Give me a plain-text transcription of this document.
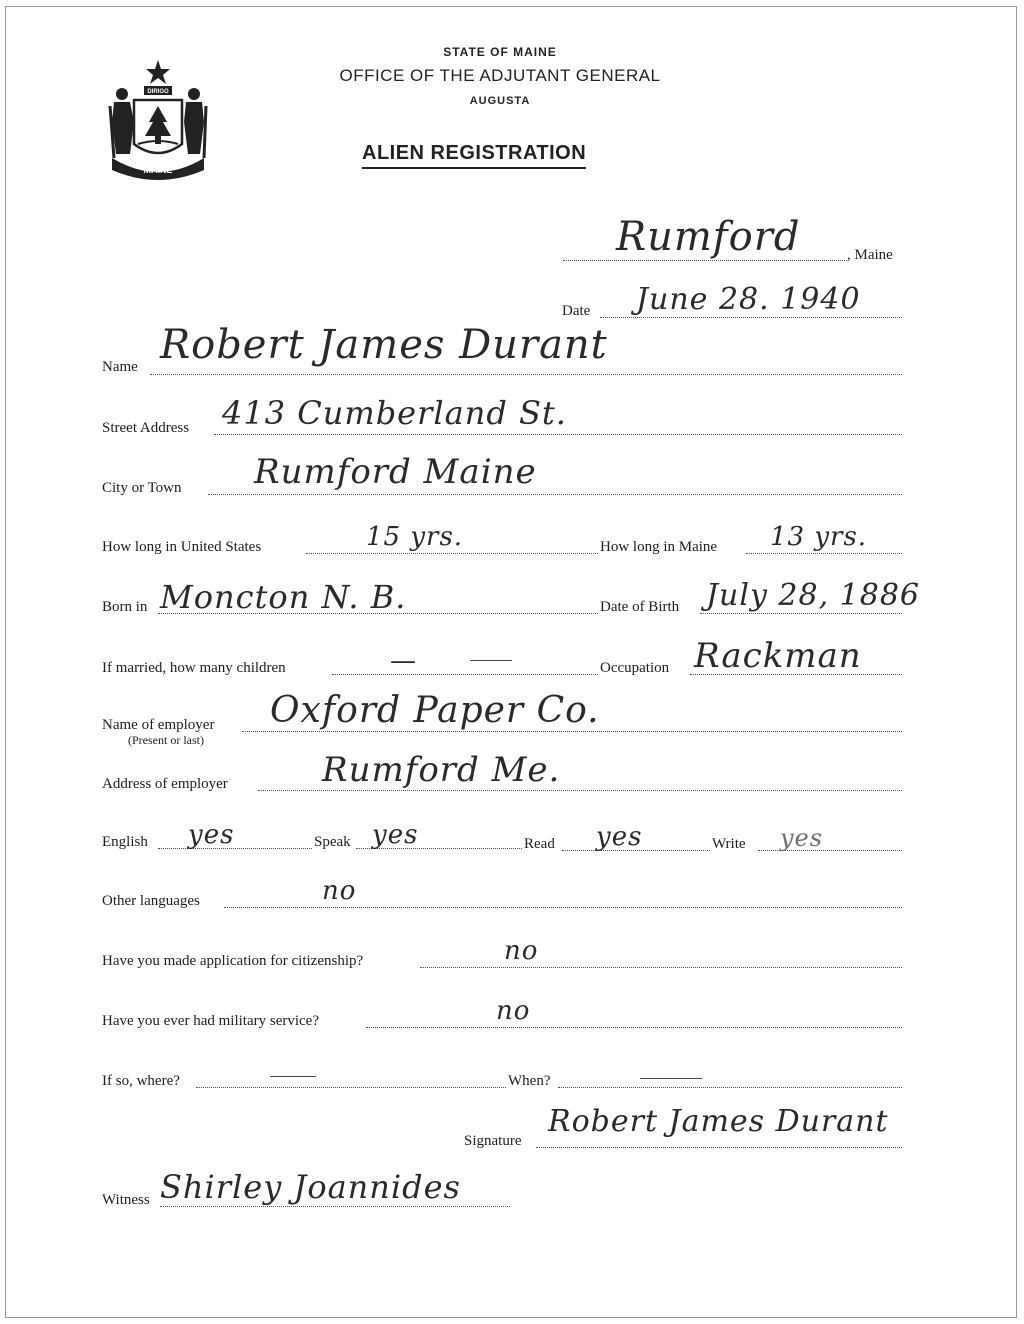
DIRIGO
MAINE
STATE OF MAINE
OFFICE OF THE ADJUTANT GENERAL
AUGUSTA
ALIEN REGISTRATION
Rumford	, Maine
Date June 28. 1940
Name Robert James Durant
Street Address 413 Cumberland St.
City or Town Rumford Maine
How long in United States	15 yrs.	How long in Maine 13 yrs.
Born in Moncton N. B.	Date of Birth July 28, 1886
If married, how many children	—	Occupation Rackman
Name of employer
(Present or last)
Oxford Paper Co.
Address of employer	Rumford Me.
English yes	Speak yes	Read yes	Write yes
Other languages	no
Have you made application for citizenship?	no
Have you ever had military service?	no
If so, where?	When?
Signature
Robert James Durant
Witness Shirley Joannides
